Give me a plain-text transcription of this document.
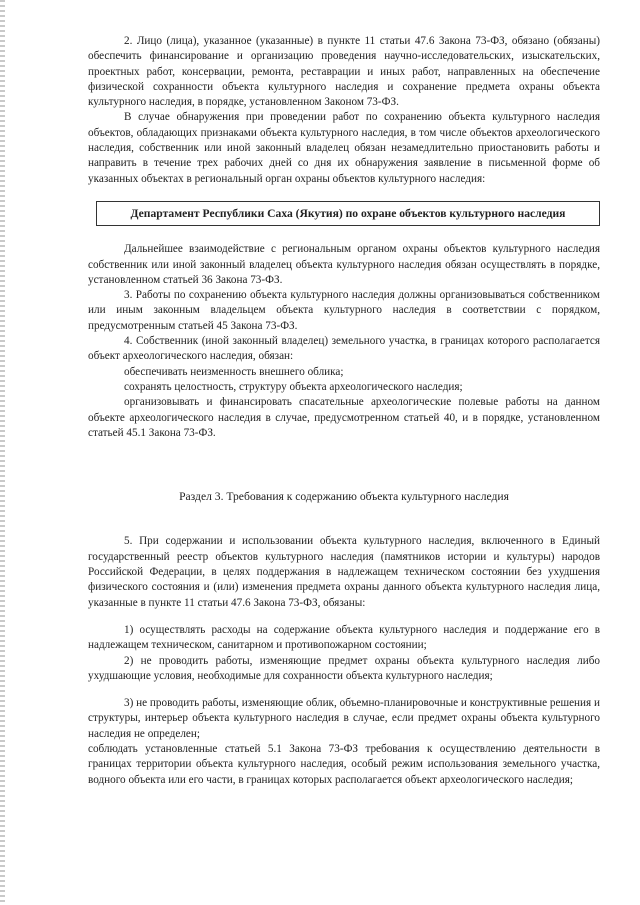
2. Лицо (лица), указанное (указанные) в пункте 11 статьи 47.6 Закона 73-ФЗ, обязано (обязаны) обеспечить финансирование и организацию проведения научно-исследовательских, изыскательских, проектных работ, консервации, ремонта, реставрации и иных работ, направленных на обеспечение физической сохранности объекта культурного наследия и сохранение предмета охраны объекта культурного наследия, в порядке, установленном Законом 73-ФЗ.

В случае обнаружения при проведении работ по сохранению объекта культурного наследия объектов, обладающих признаками объекта культурного наследия, в том числе объектов археологического наследия, собственник или иной законный владелец обязан незамедлительно приостановить работы и направить в течение трех рабочих дней со дня их обнаружения заявление в письменной форме об указанных объектах в региональный орган охраны объектов культурного наследия:

Департамент Республики Саха (Якутия) по охране объектов культурного наследия

Дальнейшее взаимодействие с региональным органом охраны объектов культурного наследия собственник или иной законный владелец объекта культурного наследия обязан осуществлять в порядке, установленном статьей 36 Закона 73-ФЗ.

3. Работы по сохранению объекта культурного наследия должны организовываться собственником или иным законным владельцем объекта культурного наследия в соответствии с порядком, предусмотренным статьей 45 Закона 73-ФЗ.

4. Собственник (иной законный владелец) земельного участка, в границах которого располагается объект археологического наследия, обязан:

обеспечивать неизменность внешнего облика;

сохранять целостность, структуру объекта археологического наследия;

организовывать и финансировать спасательные археологические полевые работы на данном объекте археологического наследия в случае, предусмотренном статьей 40, и в порядке, установленном статьей 45.1 Закона 73-ФЗ.

Раздел 3. Требования к содержанию объекта культурного наследия

5. При содержании и использовании объекта культурного наследия, включенного в Единый государственный реестр объектов культурного наследия (памятников истории и культуры) народов Российской Федерации, в целях поддержания в надлежащем техническом состоянии без ухудшения физического состояния и (или) изменения предмета охраны данного объекта культурного наследия лица, указанные в пункте 11 статьи 47.6 Закона 73-ФЗ, обязаны:

1) осуществлять расходы на содержание объекта культурного наследия и поддержание его в надлежащем техническом, санитарном и противопожарном состоянии;

2) не проводить работы, изменяющие предмет охраны объекта культурного наследия либо ухудшающие условия, необходимые для сохранности объекта культурного наследия;

3) не проводить работы, изменяющие облик, объемно-планировочные и конструктивные решения и структуры, интерьер объекта культурного наследия в случае, если предмет охраны объекта культурного наследия не определен;

соблюдать установленные статьей 5.1 Закона 73-ФЗ требования к осуществлению деятельности в границах территории объекта культурного наследия, особый режим использования земельного участка, водного объекта или его части, в границах которых располагается объект археологического наследия;
